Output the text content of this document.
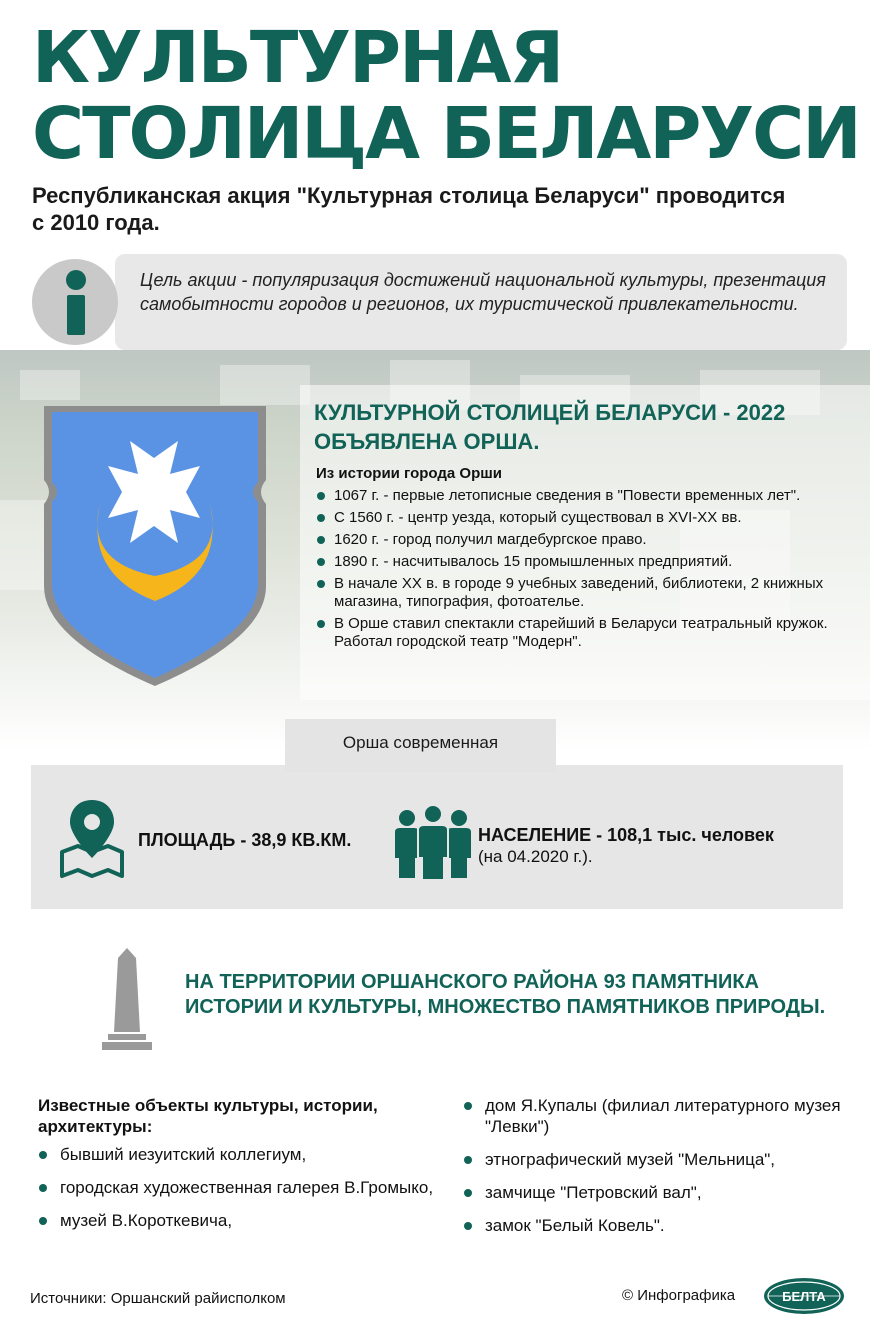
КУЛЬТУРНАЯ
СТОЛИЦА БЕЛАРУСИ
Республиканская акция "Культурная столица Беларуси" проводится с 2010 года.
Цель акции - популяризация достижений национальной культуры, презентация самобытности городов и регионов, их туристической привлекательности.
КУЛЬТУРНОЙ СТОЛИЦЕЙ БЕЛАРУСИ - 2022 ОБЪЯВЛЕНА ОРША.
Из истории города Орши
1067 г. - первые летописные сведения в "Повести временных лет".
С 1560 г. - центр уезда, который существовал в XVI-XX вв.
1620 г. - город получил магдебургское право.
1890 г. - насчитывалось 15 промышленных предприятий.
В начале XX в. в городе 9 учебных заведений, библиотеки, 2 книжных магазина, типография, фотоателье.
В Орше ставил спектакли старейший в Беларуси театральный кружок. Работал городской театр "Модерн".
Орша современная
ПЛОЩАДЬ - 38,9 КВ.КМ.	НАСЕЛЕНИЕ - 108,1 тыс. человек
(на 04.2020 г.).
НА ТЕРРИТОРИИ ОРШАНСКОГО РАЙОНА 93 ПАМЯТНИКА ИСТОРИИ И КУЛЬТУРЫ, МНОЖЕСТВО ПАМЯТНИКОВ ПРИРОДЫ.
Известные объекты культуры, истории, архитектуры:
бывший иезуитский коллегиум,
городская художественная галерея В.Громыко,
музей В.Короткевича,
дом Я.Купалы (филиал литературного музея "Левки")
этнографический музей "Мельница",
замчище "Петровский вал",
замок "Белый Ковель".
Источники: Оршанский райисполком	© Инфографика	БЕЛТА
